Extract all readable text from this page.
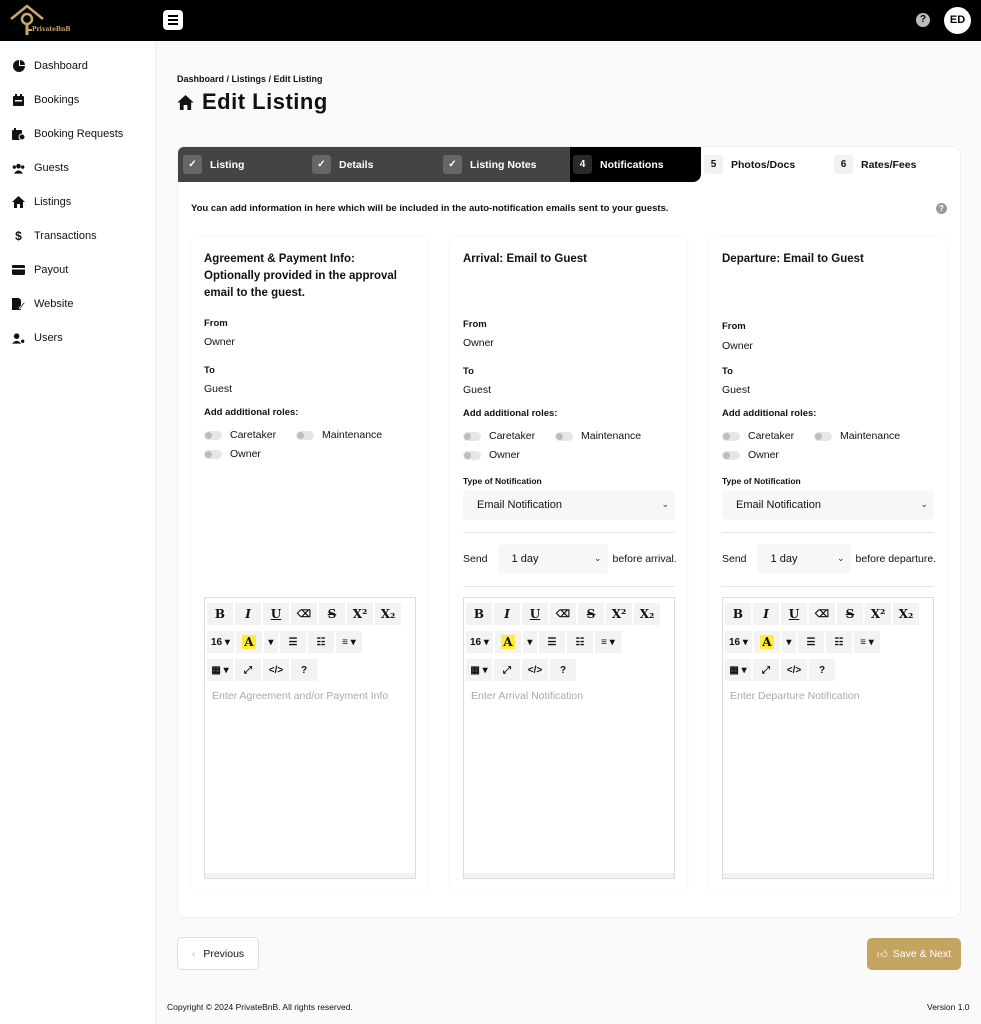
PrivateBnB
?	ED
Dashboard
Bookings
Booking Requests
Guests
Listings
$ Transactions
Payout
Website
Users
Dashboard / Listings / Edit Listing
Edit Listing
✓	Listing	✓	Details	✓	Listing Notes	4	Notifications	5	Photos/Docs	6	Rates/Fees
You can add information in here which will be included in the auto-notification emails sent to your guests.	?
Agreement & Payment Info: Optionally provided in the approval email to the guest.
From
Owner
To
Guest
Add additional roles:
Caretaker	Maintenance
Owner
B	I	U	⌫	S	X²	X₂
16 ▾	A	▾	☰	☷	≡ ▾
▦ ▾	⤢	</>	?
Enter Agreement and/or Payment Info
Arrival: Email to Guest
From
Owner
To
Guest
Add additional roles:
Caretaker	Maintenance
Owner
Type of Notification
Email Notification	⌄
Send 1 day	⌄ before arrival.
B	I	U	⌫	S	X²	X₂
16 ▾	A	▾	☰	☷	≡ ▾
▦ ▾	⤢	</>	?
Enter Arrival Notification
Departure: Email to Guest
From
Owner
To
Guest
Add additional roles:
Caretaker	Maintenance
Owner
Type of Notification
Email Notification	⌄
Send 1 day	⌄ before departure.
B	I	U	⌫	S	X²	X₂
16 ▾	A	▾	☰	☷	≡ ▾
▦ ▾	⤢	</>	?
Enter Departure Notification
‹ Previous	👍︎ Save & Next
Copyright © 2024 PrivateBnB. All rights reserved.	Version 1.0
